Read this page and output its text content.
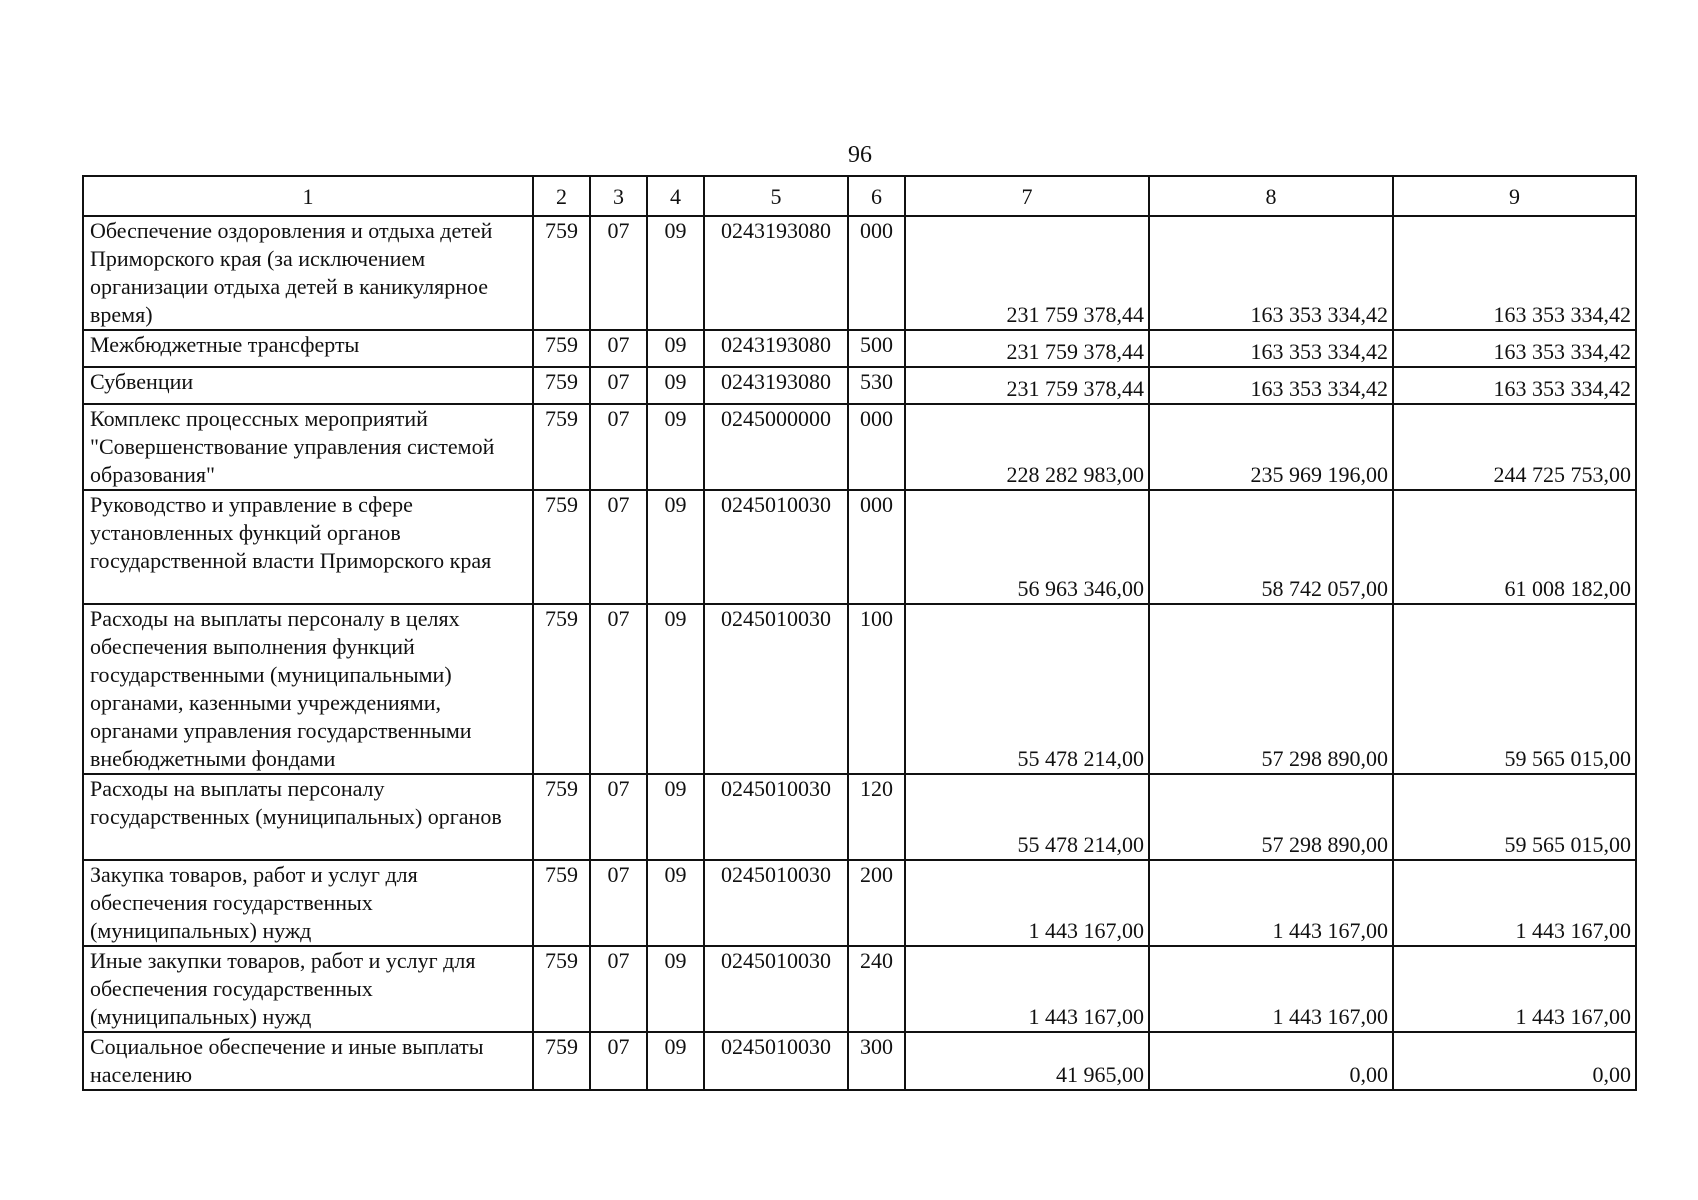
96
1	2	3	4	5	6	7	8	9
Обеспечение оздоровления и отдыха детей Приморского края (за исключением организации отдыха детей в каникулярное время)	759	07	09	0243193080	000	231 759 378,44	163 353 334,42	163 353 334,42
Межбюджетные трансферты	759	07	09	0243193080	500	231 759 378,44	163 353 334,42	163 353 334,42
Субвенции	759	07	09	0243193080	530	231 759 378,44	163 353 334,42	163 353 334,42
Комплекс процессных мероприятий "Совершенствование управления системой образования"	759	07	09	0245000000	000	228 282 983,00	235 969 196,00	244 725 753,00
Руководство и управление в сфере установленных функций органов государственной власти Приморского края	759	07	09	0245010030	000	56 963 346,00	58 742 057,00	61 008 182,00
Расходы на выплаты персоналу в целях обеспечения выполнения функций государственными (муниципальными) органами, казенными учреждениями, органами управления государственными внебюджетными фондами	759	07	09	0245010030	100	55 478 214,00	57 298 890,00	59 565 015,00
Расходы на выплаты персоналу государственных (муниципальных) органов	759	07	09	0245010030	120	55 478 214,00	57 298 890,00	59 565 015,00
Закупка товаров, работ и услуг для обеспечения государственных (муниципальных) нужд	759	07	09	0245010030	200	1 443 167,00	1 443 167,00	1 443 167,00
Иные закупки товаров, работ и услуг для обеспечения государственных (муниципальных) нужд	759	07	09	0245010030	240	1 443 167,00	1 443 167,00	1 443 167,00
Социальное обеспечение и иные выплаты населению	759	07	09	0245010030	300	41 965,00	0,00	0,00
